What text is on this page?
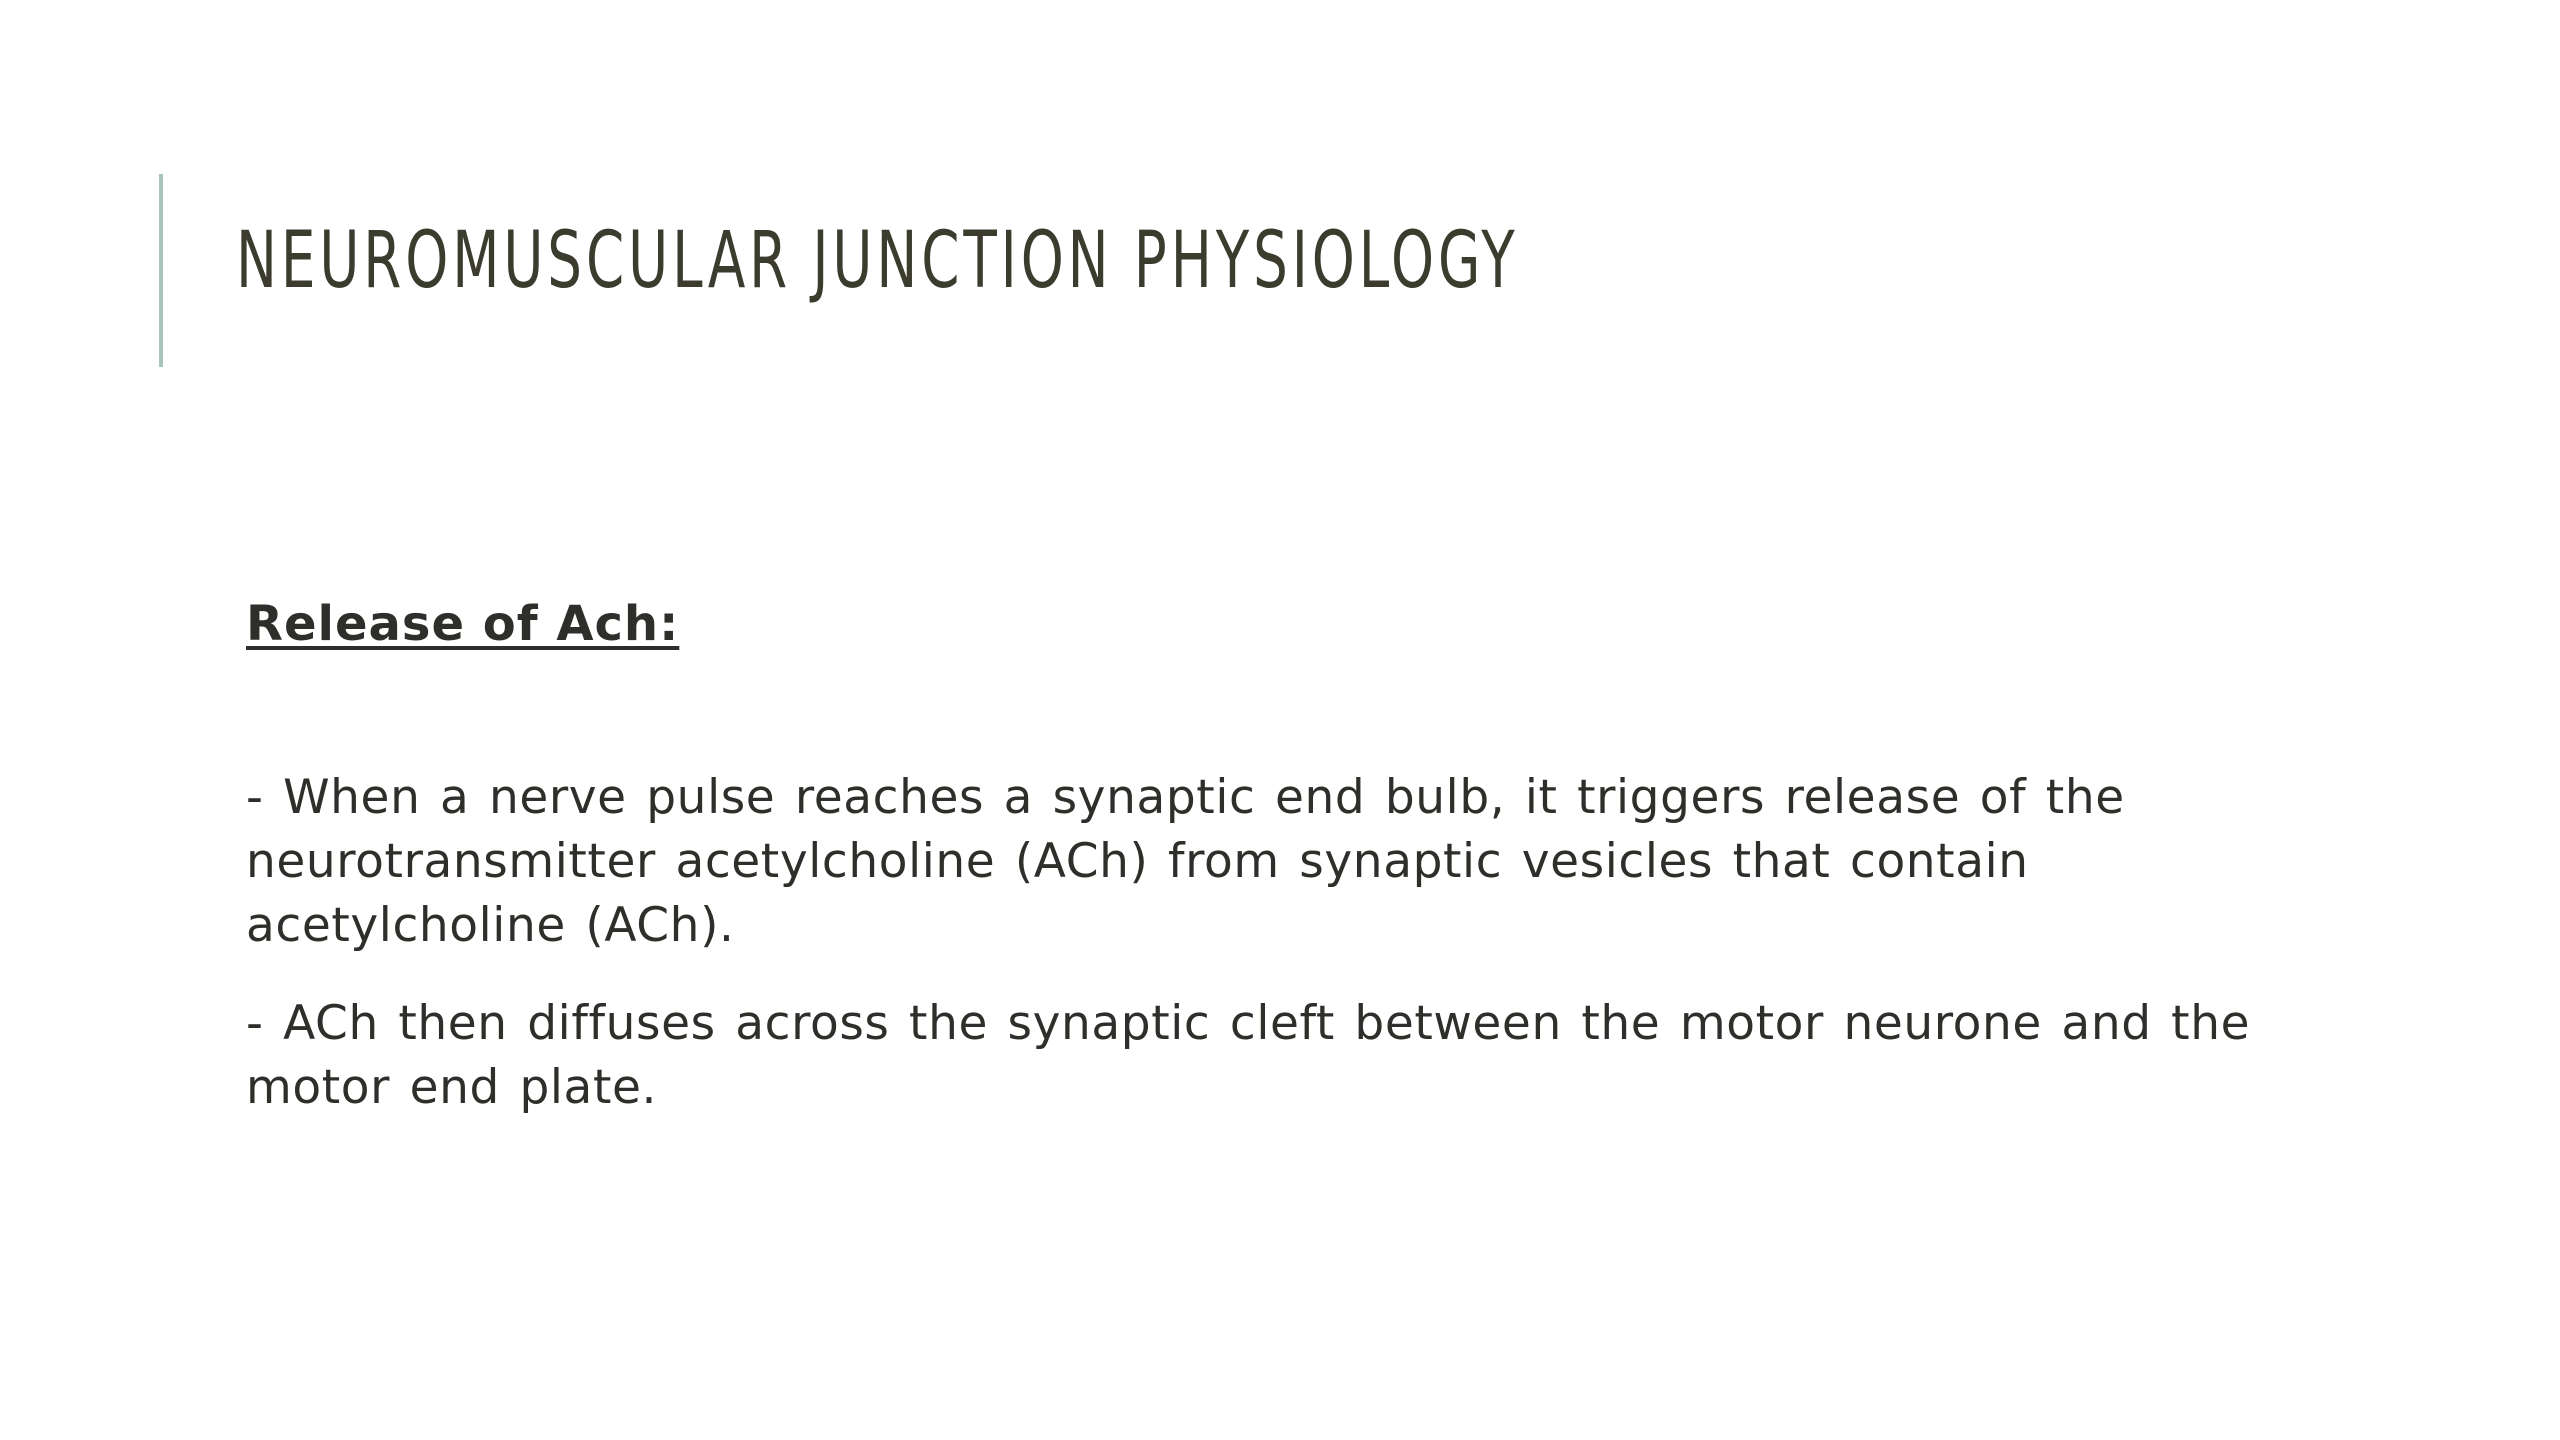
NEUROMUSCULAR JUNCTION PHYSIOLOGY

Release of Ach:

- When a nerve pulse reaches a synaptic end bulb, it triggers release of the neurotransmitter acetylcholine (ACh) from synaptic vesicles that contain acetylcholine (ACh).

- ACh then diffuses across the synaptic cleft between the motor neurone and the motor end plate.
